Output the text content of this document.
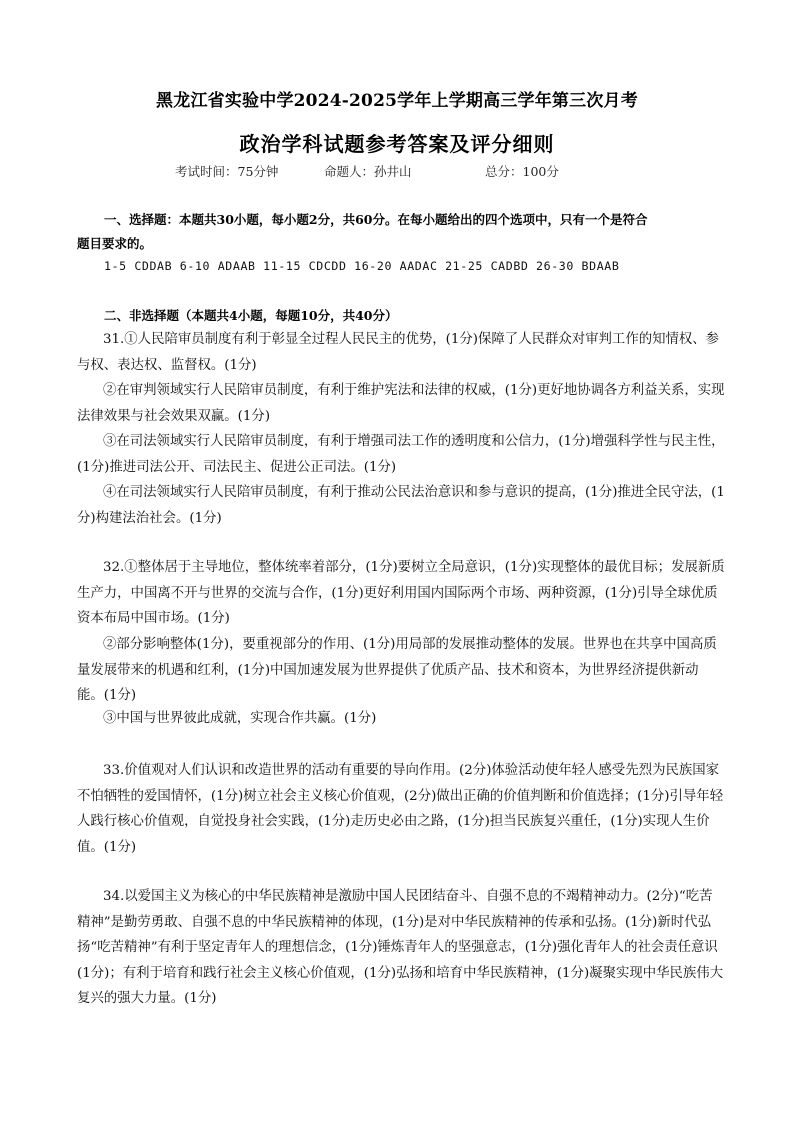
黑龙江省实验中学2024-2025学年上学期高三学年第三次月考
政治学科试题参考答案及评分细则
考试时间：75分钟	命题人：孙井山	总分：100分
一、选择题：本题共30小题，每小题2分，共60分。在每小题给出的四个选项中，只有一个是符合
题目要求的。
1-5 CDDAB 6-10 ADAAB 11-15 CDCDD 16-20 AADAC 21-25 CADBD 26-30 BDAAB
二、非选择题（本题共4小题，每题10分，共40分）
31.①人民陪审员制度有利于彰显全过程人民民主的优势，(1分)保障了人民群众对审判工作的知情权、参与权、表达权、监督权。(1分)
②在审判领域实行人民陪审员制度，有利于维护宪法和法律的权威，(1分)更好地协调各方利益关系，实现法律效果与社会效果双赢。(1分)
③在司法领域实行人民陪审员制度，有利于增强司法工作的透明度和公信力，(1分)增强科学性与民主性，(1分)推进司法公开、司法民主、促进公正司法。(1分)
④在司法领域实行人民陪审员制度，有利于推动公民法治意识和参与意识的提高，(1分)推进全民守法，(1分)构建法治社会。(1分)
32.①整体居于主导地位，整体统率着部分，(1分)要树立全局意识，(1分)实现整体的最优目标；发展新质生产力，中国离不开与世界的交流与合作，(1分)更好利用国内国际两个市场、两种资源，(1分)引导全球优质资本布局中国市场。(1分)
②部分影响整体(1分)，要重视部分的作用、(1分)用局部的发展推动整体的发展。世界也在共享中国高质量发展带来的机遇和红利，(1分)中国加速发展为世界提供了优质产品、技术和资本，为世界经济提供新动能。(1分)
③中国与世界彼此成就，实现合作共赢。(1分)
33.价值观对人们认识和改造世界的活动有重要的导向作用。(2分)体验活动使年轻人感受先烈为民族国家不怕牺牲的爱国情怀，(1分)树立社会主义核心价值观，(2分)做出正确的价值判断和价值选择；(1分)引导年轻人践行核心价值观，自觉投身社会实践，(1分)走历史必由之路，(1分)担当民族复兴重任，(1分)实现人生价值。(1分)
34.以爱国主义为核心的中华民族精神是激励中国人民团结奋斗、自强不息的不竭精神动力。(2分)“吃苦精神”是勤劳勇敢、自强不息的中华民族精神的体现，(1分)是对中华民族精神的传承和弘扬。(1分)新时代弘扬“吃苦精神”有利于坚定青年人的理想信念，(1分)锤炼青年人的坚强意志，(1分)强化青年人的社会责任意识(1分)；有利于培育和践行社会主义核心价值观，(1分)弘扬和培育中华民族精神，(1分)凝聚实现中华民族伟大复兴的强大力量。(1分)
